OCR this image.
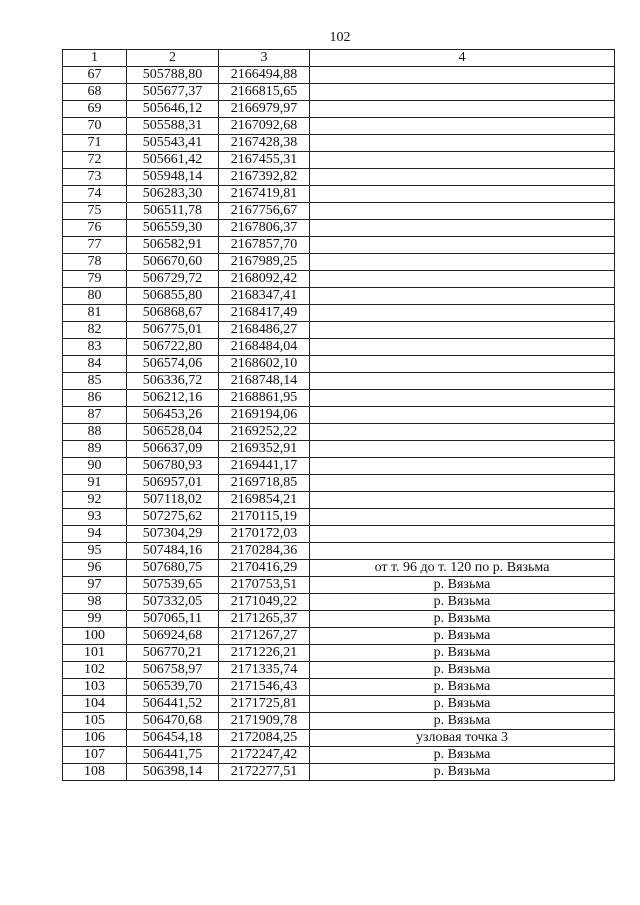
102
1	2	3	4
67	505788,80	2166494,88	
68	505677,37	2166815,65	
69	505646,12	2166979,97	
70	505588,31	2167092,68	
71	505543,41	2167428,38	
72	505661,42	2167455,31	
73	505948,14	2167392,82	
74	506283,30	2167419,81	
75	506511,78	2167756,67	
76	506559,30	2167806,37	
77	506582,91	2167857,70	
78	506670,60	2167989,25	
79	506729,72	2168092,42	
80	506855,80	2168347,41	
81	506868,67	2168417,49	
82	506775,01	2168486,27	
83	506722,80	2168484,04	
84	506574,06	2168602,10	
85	506336,72	2168748,14	
86	506212,16	2168861,95	
87	506453,26	2169194,06	
88	506528,04	2169252,22	
89	506637,09	2169352,91	
90	506780,93	2169441,17	
91	506957,01	2169718,85	
92	507118,02	2169854,21	
93	507275,62	2170115,19	
94	507304,29	2170172,03	
95	507484,16	2170284,36	
96	507680,75	2170416,29	от т. 96 до т. 120 по р. Вязьма
97	507539,65	2170753,51	р. Вязьма
98	507332,05	2171049,22	р. Вязьма
99	507065,11	2171265,37	р. Вязьма
100	506924,68	2171267,27	р. Вязьма
101	506770,21	2171226,21	р. Вязьма
102	506758,97	2171335,74	р. Вязьма
103	506539,70	2171546,43	р. Вязьма
104	506441,52	2171725,81	р. Вязьма
105	506470,68	2171909,78	р. Вязьма
106	506454,18	2172084,25	узловая точка 3
107	506441,75	2172247,42	р. Вязьма
108	506398,14	2172277,51	р. Вязьма
